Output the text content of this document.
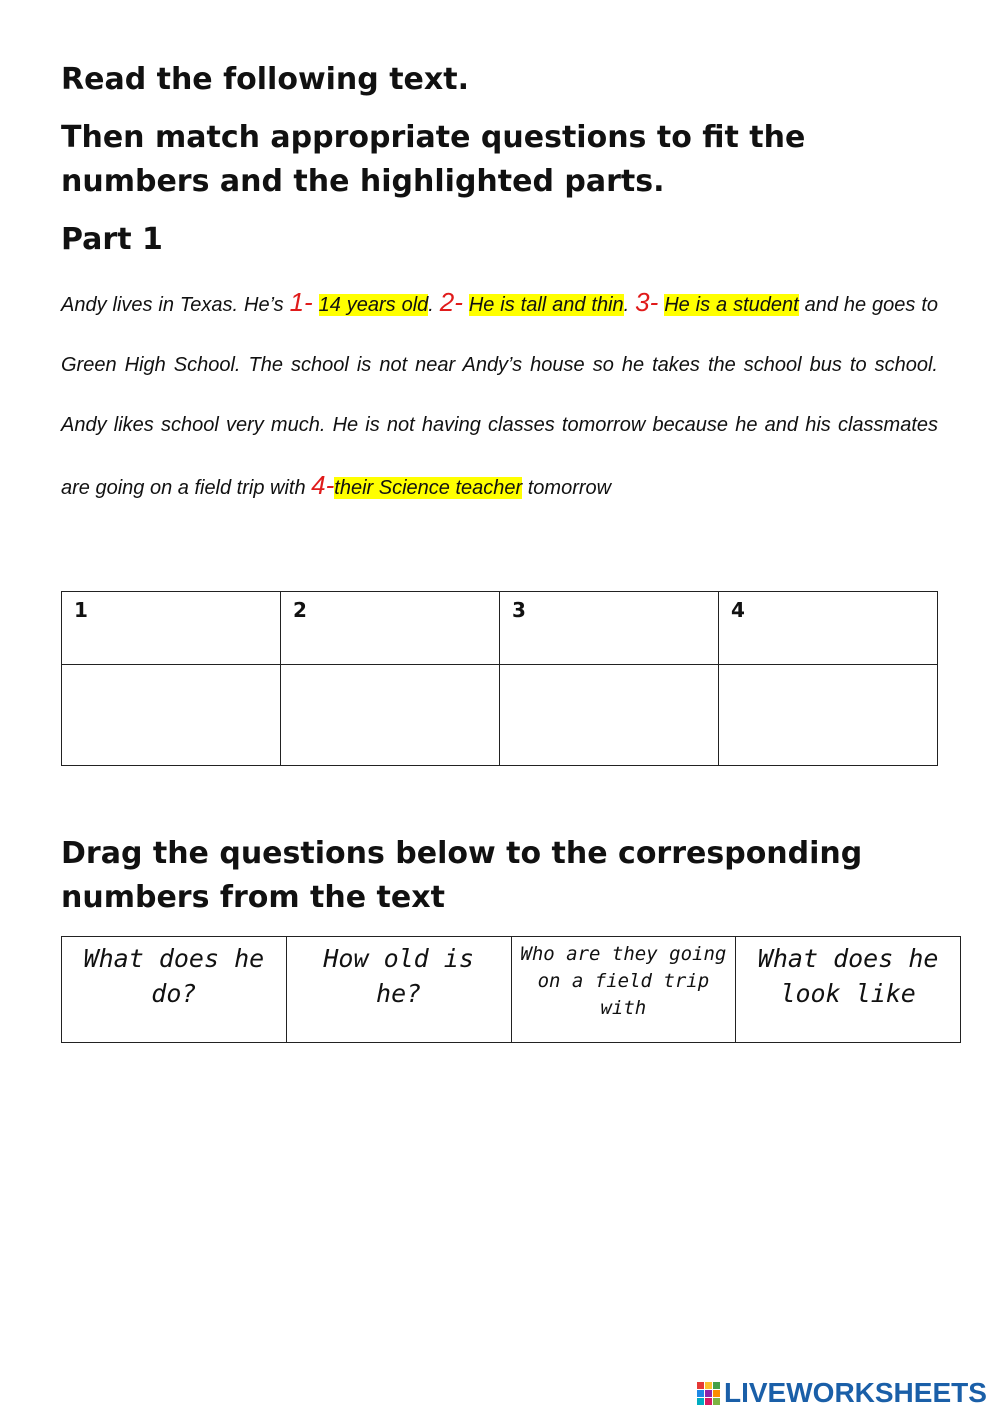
Read the following text.
Then match appropriate questions to fit the numbers and the highlighted parts.
Part 1

Andy lives in Texas. He’s 1- 14 years old. 2- He is tall and thin. 3- He is a student and he goes to Green High School. The school is not near Andy’s house so he takes the school bus to school. Andy likes school very much. He is not having classes tomorrow because he and his classmates are going on a field trip with 4-their Science teacher tomorrow

1	2	3	4

Drag the questions below to the corresponding numbers from the text
What does he do?	How old is he?	Who are they going on a field trip with	What does he look like
LIVEWORKSHEETS
